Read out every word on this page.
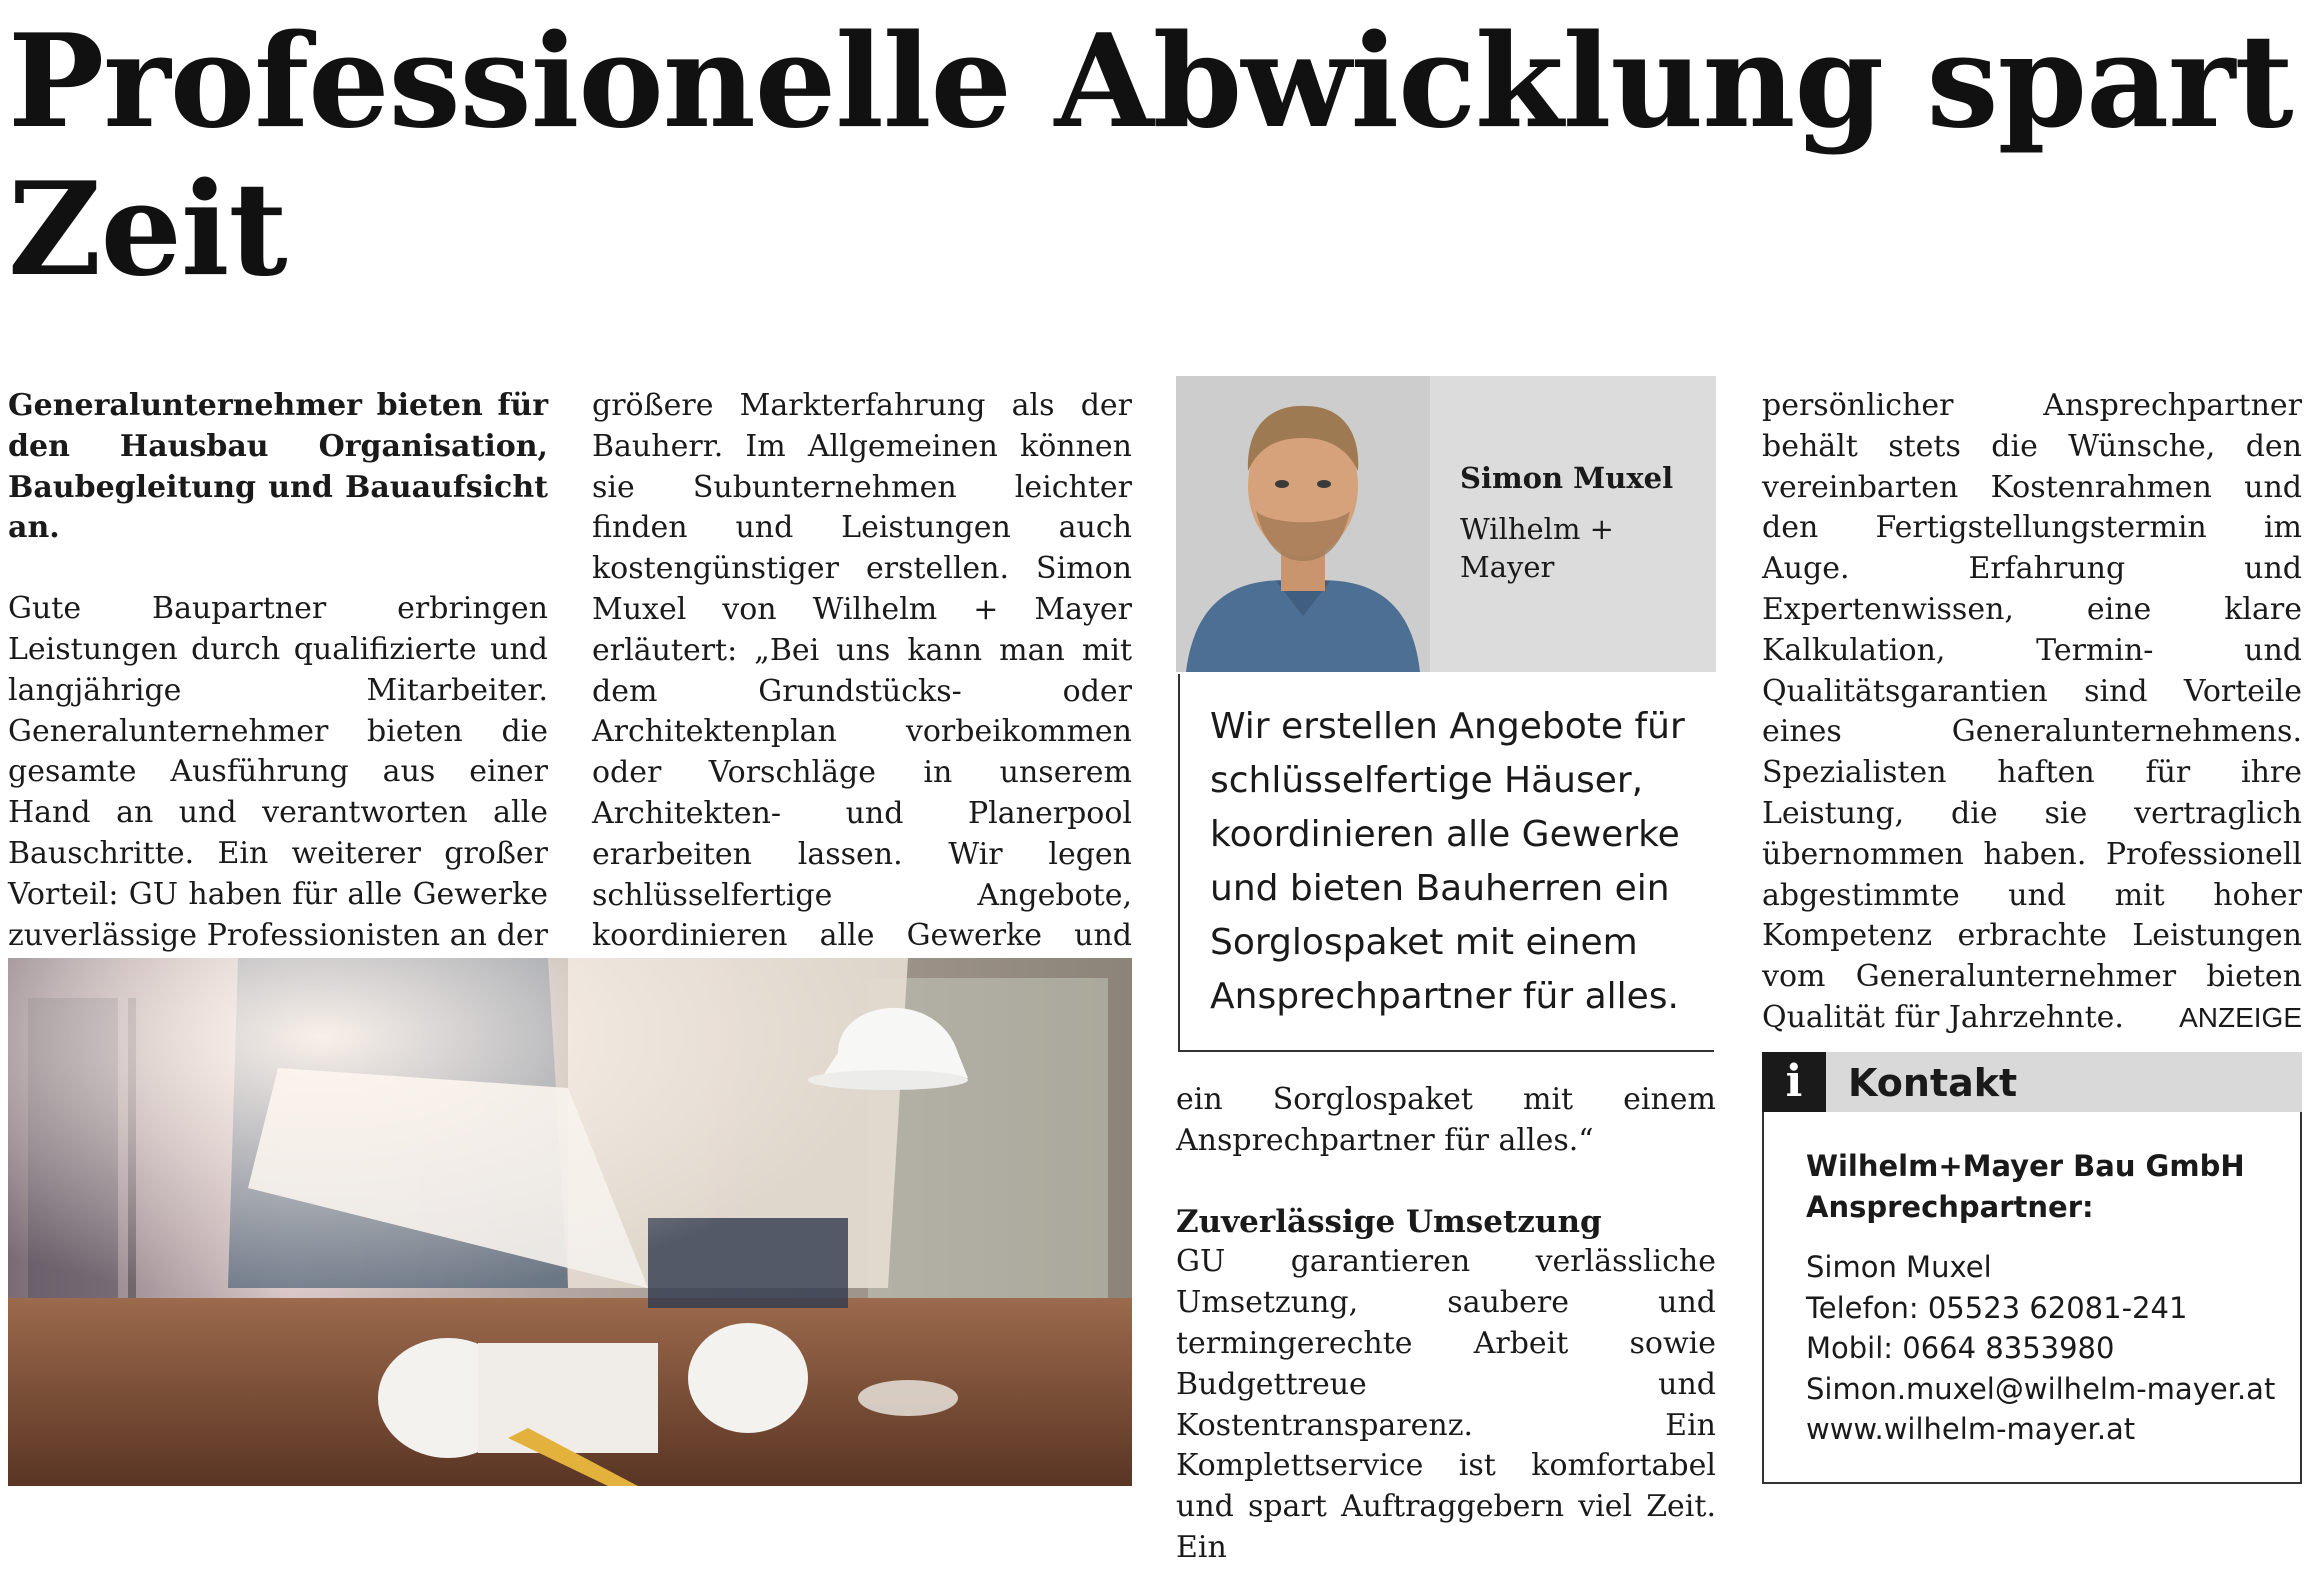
Professionelle Abwicklung spart Zeit

Generalunternehmer bieten für den Hausbau Organisation, Baubegleitung und Bauaufsicht an.

Gute Baupartner erbringen Leistungen durch qualifizierte und langjährige Mitarbeiter. Generalunternehmer bieten die gesamte Ausführung aus einer Hand an und verantworten alle Bauschritte. Ein weiterer großer Vorteil: GU haben für alle Gewerke zuverlässige Professionisten an der

größere Markterfahrung als der Bauherr. Im Allgemeinen können sie Subunternehmen leichter finden und Leistungen auch kostengünstiger erstellen. Simon Muxel von Wilhelm + Mayer erläutert: „Bei uns kann man mit dem Grundstücks- oder Architektenplan vorbeikommen oder Vorschläge in unserem Architekten- und Planerpool erarbeiten lassen. Wir legen schlüsselfertige Angebote, koordinieren alle Gewerke und

Simon Muxel
Wilhelm + Mayer

Wir erstellen Angebote für schlüsselfertige Häuser, koordinieren alle Gewerke und bieten Bauherren ein Sorglospaket mit einem Ansprechpartner für alles.

ein Sorglospaket mit einem Ansprechpartner für alles.“

Zuverlässige Umsetzung

GU garantieren verlässliche Umsetzung, saubere und termingerechte Arbeit sowie Budgettreue und Kostentransparenz. Ein Komplettservice ist komfortabel und spart Auftraggebern viel Zeit. Ein

persönlicher Ansprechpartner behält stets die Wünsche, den vereinbarten Kostenrahmen und den Fertigstellungstermin im Auge. Erfahrung und Expertenwissen, eine klare Kalkulation, Termin- und Qualitätsgarantien sind Vorteile eines Generalunternehmens. Spezialisten haften für ihre Leistung, die sie vertraglich übernommen haben. Professionell abgestimmte und mit hoher Kompetenz erbrachte Leistungen vom Generalunternehmer bieten Qualität für Jahrzehnte. ANZEIGE

i	Kontakt
Wilhelm+Mayer Bau GmbH
Ansprechpartner:
Simon Muxel
Telefon: 05523 62081-241
Mobil: 0664 8353980
Simon.muxel@wilhelm-mayer.at
www.wilhelm-mayer.at
